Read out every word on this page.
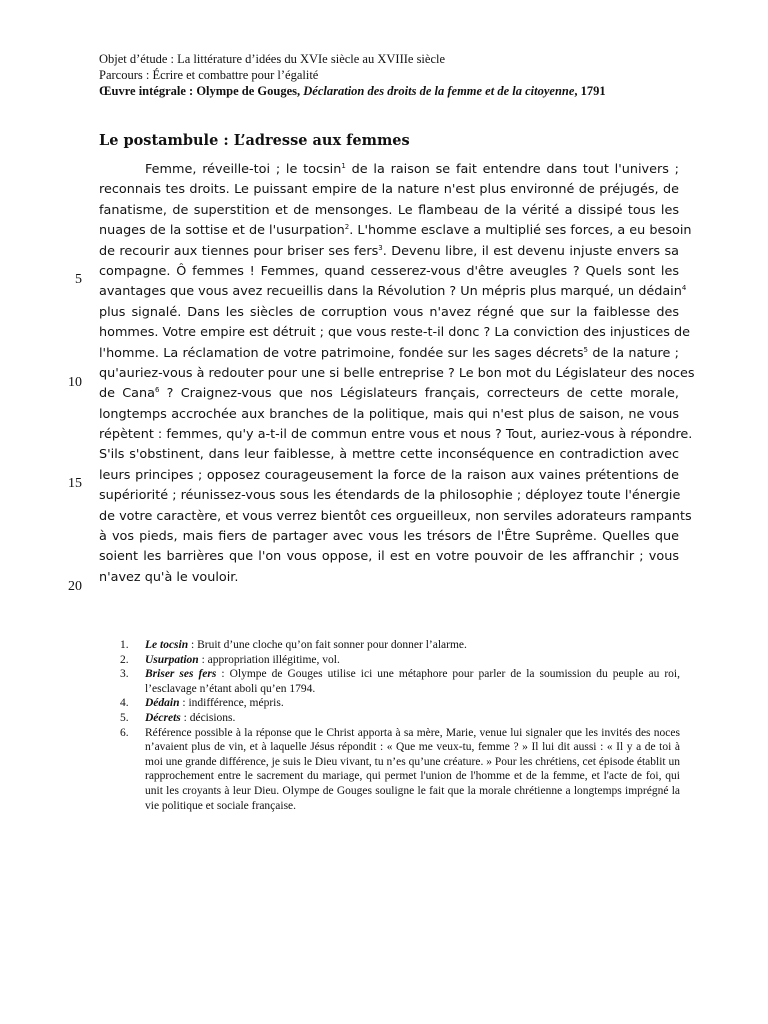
Objet d’étude : La littérature d’idées du XVIe siècle au XVIIIe siècle
Parcours : Écrire et combattre pour l’égalité
Œuvre intégrale : Olympe de Gouges, Déclaration des droits de la femme et de la citoyenne, 1791
Le postambule : L’adresse aux femmes
5
10
15
20
Femme, réveille-toi ; le tocsin$^1$ de la raison se fait entendre dans tout l'univers ;
reconnais tes droits. Le puissant empire de la nature n'est plus environné de préjugés, de
fanatisme, de superstition et de mensonges. Le flambeau de la vérité a dissipé tous les
nuages de la sottise et de l'usurpation$^2$. L'homme esclave a multiplié ses forces, a eu besoin
de recourir aux tiennes pour briser ses fers$^3$. Devenu libre, il est devenu injuste envers sa
compagne. Ô femmes ! Femmes, quand cesserez-vous d'être aveugles ? Quels sont les
avantages que vous avez recueillis dans la Révolution ? Un mépris plus marqué, un dédain$^4$
plus signalé. Dans les siècles de corruption vous n'avez régné que sur la faiblesse des
hommes. Votre empire est détruit ; que vous reste-t-il donc ? La conviction des injustices de
l'homme. La réclamation de votre patrimoine, fondée sur les sages décrets$^5$ de la nature ;
qu'auriez-vous à redouter pour une si belle entreprise ? Le bon mot du Législateur des noces
de Cana$^6$ ? Craignez-vous que nos Législateurs français, correcteurs de cette morale,
longtemps accrochée aux branches de la politique, mais qui n'est plus de saison, ne vous
répètent : femmes, qu'y a-t-il de commun entre vous et nous ? Tout, auriez-vous à répondre.
S'ils s'obstinent, dans leur faiblesse, à mettre cette inconséquence en contradiction avec
leurs principes ; opposez courageusement la force de la raison aux vaines prétentions de
supériorité ; réunissez-vous sous les étendards de la philosophie ; déployez toute l'énergie
de votre caractère, et vous verrez bientôt ces orgueilleux, non serviles adorateurs rampants
à vos pieds, mais fiers de partager avec vous les trésors de l'Être Suprême. Quelles que
soient les barrières que l'on vous oppose, il est en votre pouvoir de les affranchir ; vous
n'avez qu'à le vouloir.
1. Le tocsin : Bruit d’une cloche qu’on fait sonner pour donner l’alarme.
2. Usurpation : appropriation illégitime, vol.
3. Briser ses fers : Olympe de Gouges utilise ici une métaphore pour parler de la soumission du peuple au roi, l’esclavage n’étant aboli qu’en 1794.
4. Dédain : indifférence, mépris.
5. Décrets : décisions.
6. Référence possible à la réponse que le Christ apporta à sa mère, Marie, venue lui signaler que les invités des noces n’avaient plus de vin, et à laquelle Jésus répondit : « Que me veux-tu, femme ? » Il lui dit aussi : « Il y a de toi à moi une grande différence, je suis le Dieu vivant, tu n’es qu’une créature. » Pour les chrétiens, cet épisode établit un rapprochement entre le sacrement du mariage, qui permet l'union de l'homme et de la femme, et l'acte de foi, qui unit les croyants à leur Dieu. Olympe de Gouges souligne le fait que la morale chrétienne a longtemps imprégné la vie politique et sociale française.
